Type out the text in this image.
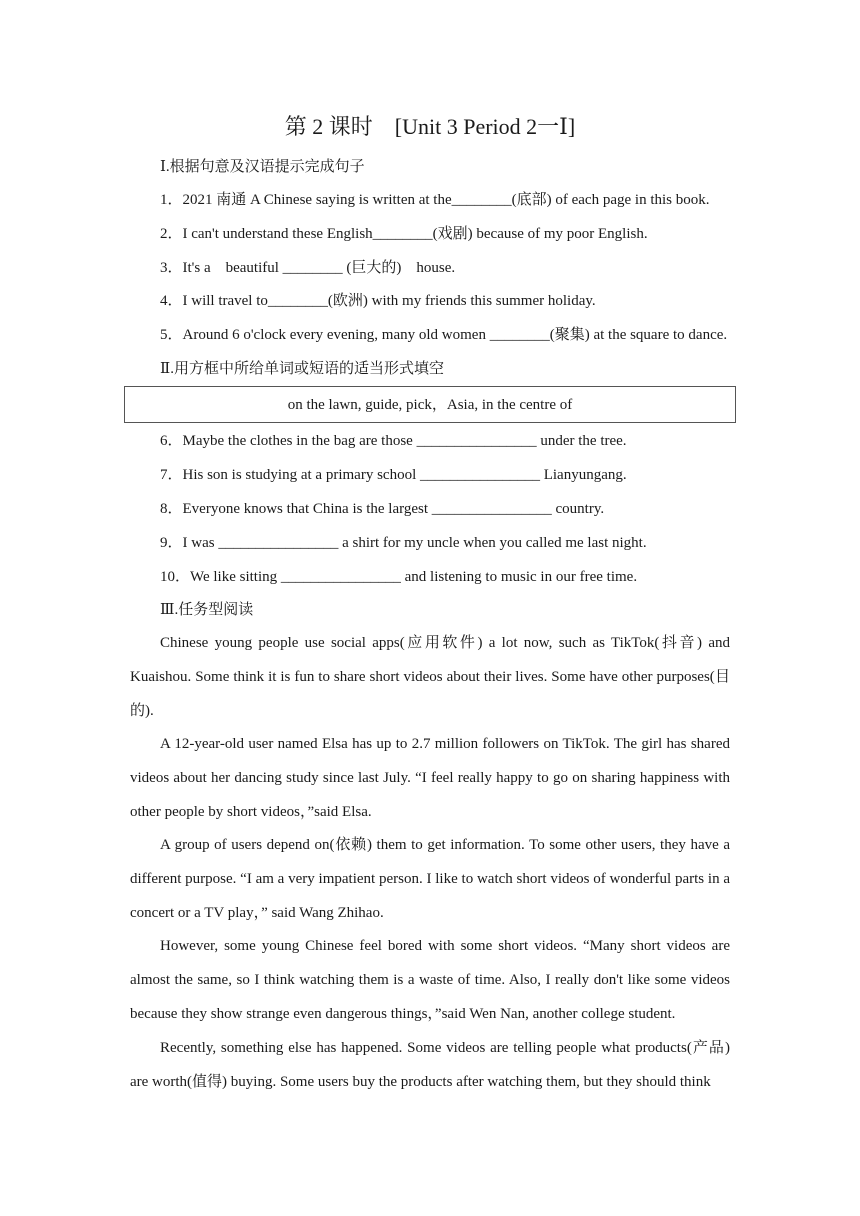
第 2 课时    [Unit 3 Period 2一Ⅰ]
Ⅰ.根据句意及汉语提示完成句子
1．2021 南通 A Chinese saying is written at the________(底部) of each page in this book.
2．I can't understand these English________(戏剧) because of my poor English.
3．It's a    beautiful ________ (巨大的)    house.
4．I will travel to________(欧洲) with my friends this summer holiday.
5．Around 6 o'clock every evening, many old women ________(聚集) at the square to dance.
Ⅱ.用方框中所给单词或短语的适当形式填空
on the lawn, guide, pick，Asia, in the centre of
6．Maybe the clothes in the bag are those ________________ under the tree.
7．His son is studying at a primary school ________________ Lianyungang.
8．Everyone knows that China is the largest ________________ country.
9．I was ________________ a shirt for my uncle when you called me last night.
10．We like sitting ________________ and listening to music in our free time.
Ⅲ.任务型阅读
Chinese young people use social apps(应用软件) a lot now, such as TikTok(抖音) and Kuaishou. Some think it is fun to share short videos about their lives. Some have other purposes(目的).
A 12-year-old user named Elsa has up to 2.7 million followers on TikTok. The girl has shared videos about her dancing study since last July. “I feel really happy to go on sharing happiness with other people by short videos，”said Elsa.
A group of users depend on(依赖) them to get information. To some other users, they have a different purpose. “I am a very impatient person. I like to watch short videos of wonderful parts in a concert or a TV play，” said Wang Zhihao.
However, some young Chinese feel bored with some short videos. “Many short videos are almost the same, so I think watching them is a waste of time. Also, I really don't like some videos because they show strange even dangerous things，”said Wen Nan, another college student.
Recently, something else has happened. Some videos are telling people what products(产品) are worth(值得) buying. Some users buy the products after watching them, but they should think
